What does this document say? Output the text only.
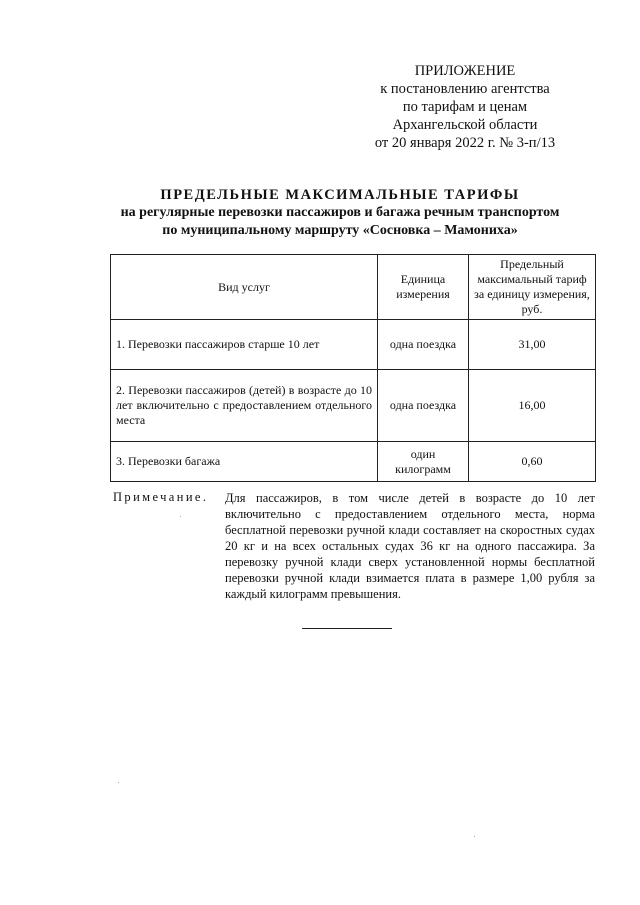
ПРИЛОЖЕНИЕ
к постановлению агентства
по тарифам и ценам
Архангельской области
от 20 января 2022 г. № 3-п/13
ПРЕДЕЛЬНЫЕ МАКСИМАЛЬНЫЕ ТАРИФЫ
на регулярные перевозки пассажиров и багажа речным транспортом
по муниципальному маршруту «Сосновка – Мамониха»
Вид услуг	Единица измерения	Предельный максимальный тариф за единицу измерения, руб.
1. Перевозки пассажиров старше 10 лет	одна поездка	31,00
2. Перевозки пассажиров (детей) в возрасте до 10 лет включительно с предоставлением отдельного места	одна поездка	16,00
3. Перевозки багажа	один килограмм	0,60
Примечание. Для пассажиров, в том числе детей в возрасте до 10 лет включительно с предоставлением отдельного места, норма бесплатной перевозки ручной клади составляет на скоростных судах 20 кг и на всех остальных судах 36 кг на одного пассажира. За перевозку ручной клади сверх установленной нормы бесплатной перевозки ручной клади взимается плата в размере 1,00 рубля за каждый килограмм превышения.
